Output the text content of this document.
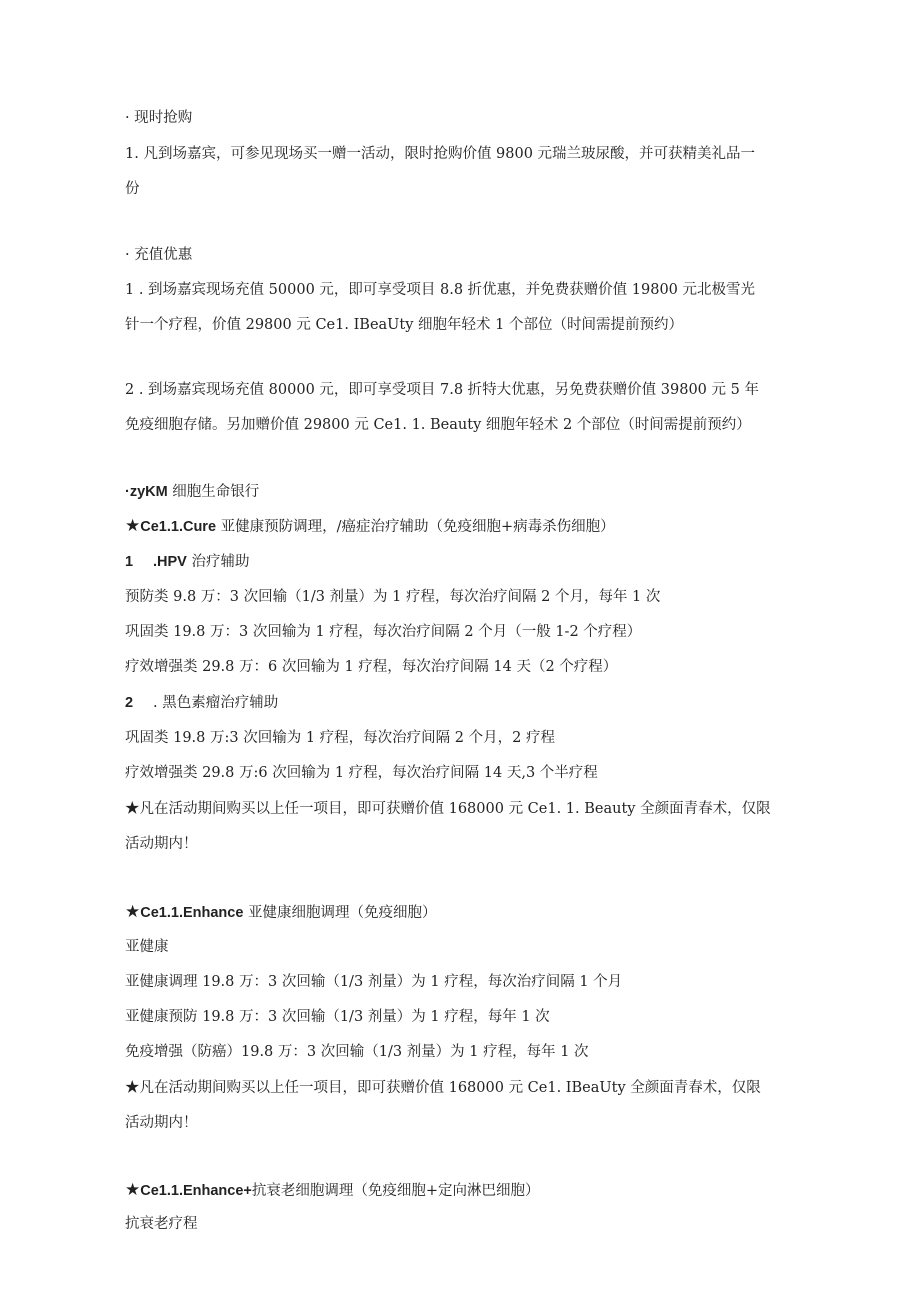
· 现时抢购
1. 凡到场嘉宾，可参见现场买一赠一活动，限时抢购价值 9800 元瑞兰玻尿酸，并可获精美礼品一
份
· 充值优惠
1 . 到场嘉宾现场充值 50000 元，即可享受项目 8.8 折优惠，并免费获赠价值 19800 元北极雪光
针一个疗程，价值 29800 元 Ce1. IBeaUty 细胞年轻术 1 个部位（时间需提前预约）
2 . 到场嘉宾现场充值 80000 元，即可享受项目 7.8 折特大优惠，另免费获赠价值 39800 元 5 年
免疫细胞存储。另加赠价值 29800 元 Ce1. 1. Beauty 细胞年轻术 2 个部位（时间需提前预约）
·zyKM 细胞生命银行
★Ce1.1.Cure 亚健康预防调理，/癌症治疗辅助（免疫细胞+病毒杀伤细胞）
1 .HPV 治疗辅助
预防类 9.8 万：3 次回输（1/3 剂量）为 1 疗程，每次治疗间隔 2 个月，每年 1 次
巩固类 19.8 万：3 次回输为 1 疗程，每次治疗间隔 2 个月（一般 1-2 个疗程）
疗效增强类 29.8 万：6 次回输为 1 疗程，每次治疗间隔 14 天（2 个疗程）
2 . 黑色素瘤治疗辅助
巩固类 19.8 万:3 次回输为 1 疗程，每次治疗间隔 2 个月，2 疗程
疗效增强类 29.8 万:6 次回输为 1 疗程，每次治疗间隔 14 天,3 个半疗程
★凡在活动期间购买以上任一项目，即可获赠价值 168000 元 Ce1. 1. Beauty 全颜面青春术，仅限
活动期内！
★Ce1.1.Enhance 亚健康细胞调理（免疫细胞）
亚健康
亚健康调理 19.8 万：3 次回输（1/3 剂量）为 1 疗程，每次治疗间隔 1 个月
亚健康预防 19.8 万：3 次回输（1/3 剂量）为 1 疗程，每年 1 次
免疫增强（防癌）19.8 万：3 次回输（1/3 剂量）为 1 疗程，每年 1 次
★凡在活动期间购买以上任一项目，即可获赠价值 168000 元 Ce1. IBeaUty 全颜面青春术，仅限
活动期内！
★Ce1.1.Enhance+抗衰老细胞调理（免疫细胞+定向淋巴细胞）
抗衰老疗程
